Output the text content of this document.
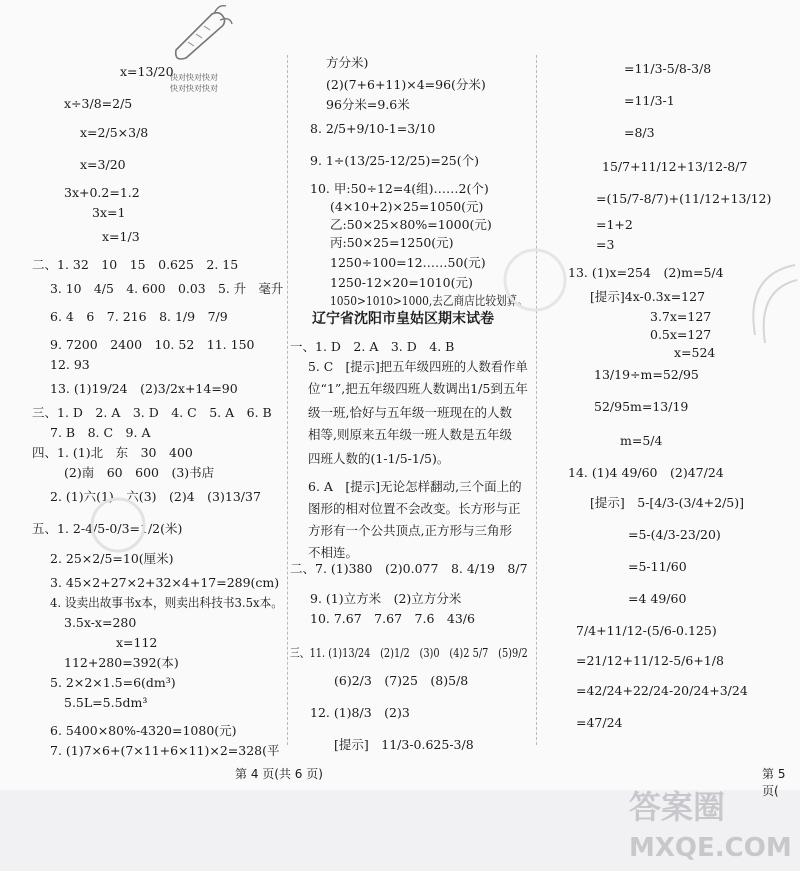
快对快对快对
快对快对快对
x=13/20
x÷3/8=2/5
x=2/5×3/8
x=3/20
3x+0.2=1.2
3x=1
x=1/3
二、1. 32　10　15　0.625　2. 15
3. 10　4/5　4. 600　0.03　5. 升　毫升
6. 4　6　7. 216　8. 1/9　7/9
9. 7200　2400　10. 52　11. 150
12. 93
13. (1)19/24　(2)3/2x+14=90
三、1. D　2. A　3. D　4. C　5. A　6. B
7. B　8. C　9. A
四、1. (1)北　东　30　400
(2)南　60　600　(3)书店
2. (1)六(1)　六(3)　(2)4　(3)13/37
五、1. 2-4/5-0/3=1/2(米)
2. 25×2/5=10(厘米)
3. 45×2+27×2+32×4+17=289(cm)
4. 设卖出故事书x本，则卖出科技书3.5x本。
3.5x-x=280
x=112
112+280=392(本)
5. 2×2×1.5=6(dm³)
5.5L=5.5dm³
6. 5400×80%-4320=1080(元)
7. (1)7×6+(7×11+6×11)×2=328(平
方分米)
(2)(7+6+11)×4=96(分米)
96分米=9.6米
8. 2/5+9/10-1=3/10
9. 1÷(13/25-12/25)=25(个)
10. 甲:50÷12=4(组)……2(个)
(4×10+2)×25=1050(元)
乙:50×25×80%=1000(元)
丙:50×25=1250(元)
1250÷100=12……50(元)
1250-12×20=1010(元)
1050>1010>1000,去乙商店比较划算。
辽宁省沈阳市皇姑区期末试卷
一、1. D　2. A　3. D　4. B
5. C　[提示]把五年级四班的人数看作单
位“1”,把五年级四班人数调出1/5到五年
级一班,恰好与五年级一班现在的人数
相等,则原来五年级一班人数是五年级
四班人数的(1-1/5-1/5)。
6. A　[提示]无论怎样翻动,三个面上的
图形的相对位置不会改变。长方形与正
方形有一个公共顶点,正方形与三角形
不相连。
二、7. (1)380　(2)0.077　8. 4/19　8/7
9. (1)立方米　(2)立方分米
10. 7.67　7.67　7.6̇　43/6
三、11. (1)13/24　(2)1/2　(3)0　(4)2 5/7　(5)9/2
(6)2/3　(7)25　(8)5/8
12. (1)8/3　(2)3
[提示]　11/3-0.625-3/8
=11/3-5/8-3/8
=11/3-1
=8/3
15/7+11/12+13/12-8/7
=(15/7-8/7)+(11/12+13/12)
=1+2
=3
13. (1)x=254　(2)m=5/4
[提示]4x-0.3x=127
3.7x=127
0.5x=127
x=524
13/19÷m=52/95
52/95m=13/19
m=5/4
14. (1)4 49/60　(2)47/24
[提示]　5-[4/3-(3/4+2/5)]
=5-(4/3-23/20)
=5-11/60
=4 49/60
7/4+11/12-(5/6-0.125)
=21/12+11/12-5/6+1/8
=42/24+22/24-20/24+3/24
=47/24
第 4 页(共 6 页)	第 5 页(
答案圈
MXQE.COM
